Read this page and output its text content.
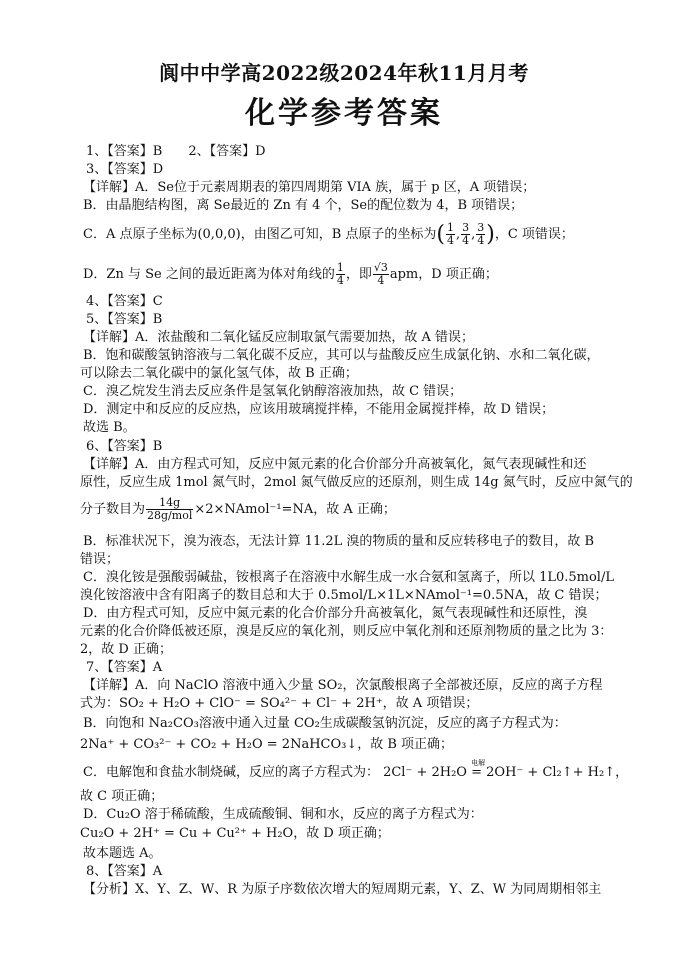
阆中中学高2022级2024年秋11月月考
化学参考答案
1、【答案】B　　2、【答案】D
3、【答案】D
【详解】A．Se位于元素周期表的第四周期第 VIA 族，属于 p 区，A 项错误；
B．由晶胞结构图，离 Se最近的 Zn 有 4 个，Se的配位数为 4，B 项错误；
C．A 点原子坐标为(0,0,0)，由图乙可知，B 点原子的坐标为( $\frac{1}{4}$ , $\frac{3}{4}$ , $\frac{3}{4}$ )，C 项错误；
D．Zn 与 Se 之间的最近距离为体对角线的 $\frac{1}{4}$ ，即 $\frac{√3}{4}$ apm，D 项正确；
4、【答案】C
5、【答案】B
【详解】A．浓盐酸和二氧化锰反应制取氯气需要加热，故 A 错误；
B．饱和碳酸氢钠溶液与二氧化碳不反应，其可以与盐酸反应生成氯化钠、水和二氧化碳，
可以除去二氧化碳中的氯化氢气体，故 B 正确；
C．溴乙烷发生消去反应条件是氢氧化钠醇溶液加热，故 C 错误；
D．测定中和反应的反应热，应该用玻璃搅拌棒，不能用金属搅拌棒，故 D 错误；
故选 B。
6、【答案】B
【详解】A．由方程式可知，反应中氮元素的化合价部分升高被氧化，氮气表现碱性和还
原性，反应生成 1mol 氮气时，2mol 氮气做反应的还原剂，则生成 14g 氮气时，反应中氮气的
分子数目为 $\frac{14g}{\text{28g/mol}}$ ×2×NAmol⁻¹=NA，故 A 正确；
B．标准状况下，溴为液态，无法计算 11.2L 溴的物质的量和反应转移电子的数目，故 B
错误；
C．溴化铵是强酸弱碱盐，铵根离子在溶液中水解生成一水合氨和氢离子，所以 1L0.5mol/L
溴化铵溶液中含有阳离子的数目总和大于 0.5mol/L×1L×NAmol⁻¹=0.5NA，故 C 错误；
D．由方程式可知，反应中氮元素的化合价部分升高被氧化，氮气表现碱性和还原性，溴
元素的化合价降低被还原，溴是反应的氧化剂，则反应中氧化剂和还原剂物质的量之比为 3：
2，故 D 正确；
7、【答案】A
【详解】A．向 NaClO 溶液中通入少量 SO₂，次氯酸根离子全部被还原，反应的离子方程
式为：SO₂ + H₂O + ClO⁻ = SO₄²⁻ + Cl⁻ + 2H⁺，故 A 项错误；
B．向饱和 Na₂CO₃溶液中通入过量 CO₂生成碳酸氢钠沉淀，反应的离子方程式为：
2Na⁺ + CO₃²⁻ + CO₂ + H₂O = 2NaHCO₃↓，故 B 项正确；
C．电解饱和食盐水制烧碱，反应的离子方程式为： 2Cl⁻ + 2H₂O
电解
= 2OH⁻ + Cl₂↑+ H₂↑，
故 C 项正确；
D．Cu₂O 溶于稀硫酸，生成硫酸铜、铜和水，反应的离子方程式为：
Cu₂O + 2H⁺ = Cu + Cu²⁺ + H₂O，故 D 项正确；
故本题选 A。
8、【答案】A
【分析】X、Y、Z、W、R 为原子序数依次增大的短周期元素，Y、Z、W 为同周期相邻主
